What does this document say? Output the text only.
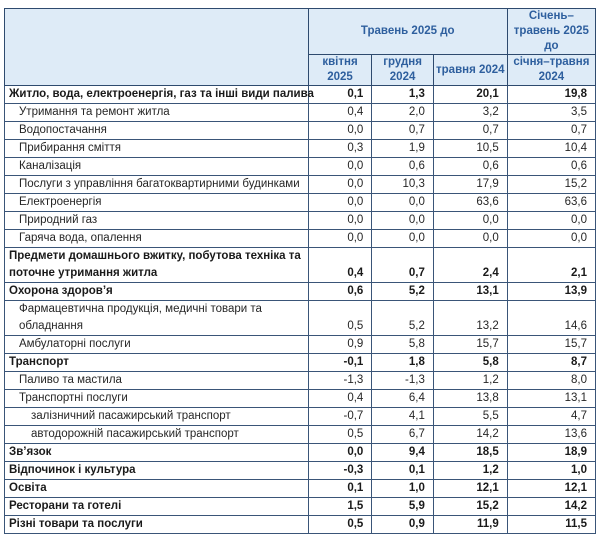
	Травень 2025 до			Січень–травень 2025 до
	квітня 2025	грудня 2024	травня 2024	січня–травня 2024
Житло, вода, електроенергія, газ та інші види палива	0,1	1,3	20,1	19,8
Утримання та ремонт житла	0,4	2,0	3,2	3,5
Водопостачання	0,0	0,7	0,7	0,7
Прибирання сміття	0,3	1,9	10,5	10,4
Каналізація	0,0	0,6	0,6	0,6
Послуги з управління багатоквартирними будинками	0,0	10,3	17,9	15,2
Електроенергія	0,0	0,0	63,6	63,6
Природний газ	0,0	0,0	0,0	0,0
Гаряча вода, опалення	0,0	0,0	0,0	0,0
Предмети домашнього вжитку, побутова техніка та поточне утримання житла	0,4	0,7	2,4	2,1
Охорона здоров’я	0,6	5,2	13,1	13,9
Фармацевтична продукція, медичні товари та обладнання	0,5	5,2	13,2	14,6
Амбулаторні послуги	0,9	5,8	15,7	15,7
Транспорт	-0,1	1,8	5,8	8,7
Паливо та мастила	-1,3	-1,3	1,2	8,0
Транспортні послуги	0,4	6,4	13,8	13,1
залізничний пасажирський транспорт	-0,7	4,1	5,5	4,7
автодорожній пасажирський транспорт	0,5	6,7	14,2	13,6
Зв’язок	0,0	9,4	18,5	18,9
Відпочинок і культура	-0,3	0,1	1,2	1,0
Освіта	0,1	1,0	12,1	12,1
Ресторани та готелі	1,5	5,9	15,2	14,2
Різні товари та послуги	0,5	0,9	11,9	11,5
